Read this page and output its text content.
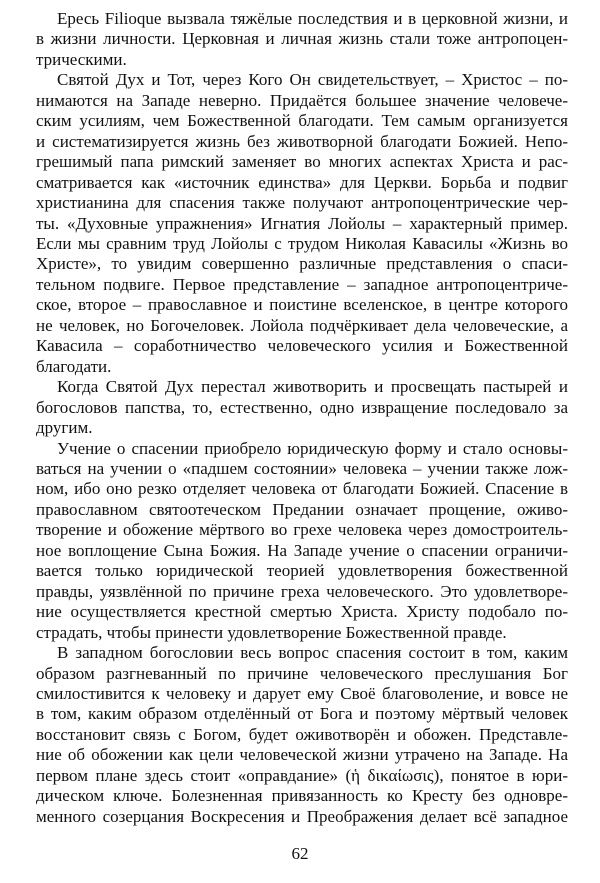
Ересь Filioque вызвала тяжёлые последствия и в церковной жизни, и
в жизни личности. Церковная и личная жизнь стали тоже антропоцен-
трическими.
Святой Дух и Тот, через Кого Он свидетельствует, – Христос – по-
нимаются на Западе неверно. Придаётся большее значение человече-
ским усилиям, чем Божественной благодати. Тем самым организуется
и систематизируется жизнь без животворной благодати Божией. Непо-
грешимый папа римский заменяет во многих аспектах Христа и рас-
сматривается как «источник единства» для Церкви. Борьба и подвиг
христианина для спасения также получают антропоцентрические чер-
ты. «Духовные упражнения» Игнатия Лойолы – характерный пример.
Если мы сравним труд Лойолы с трудом Николая Кавасилы «Жизнь во
Христе», то увидим совершенно различные представления о спаси-
тельном подвиге. Первое представление – западное антропоцентриче-
ское, второе – православное и поистине вселенское, в центре которого
не человек, но Богочеловек. Лойола подчёркивает дела человеческие, а
Кавасила – соработничество человеческого усилия и Божественной
благодати.
Когда Святой Дух перестал животворить и просвещать пастырей и
богословов папства, то, естественно, одно извращение последовало за
другим.
Учение о спасении приобрело юридическую форму и стало основы-
ваться на учении о «падшем состоянии» человека – учении также лож-
ном, ибо оно резко отделяет человека от благодати Божией. Спасение в
православном святоотеческом Предании означает прощение, оживо-
творение и обожение мёртвого во грехе человека через домостроитель-
ное воплощение Сына Божия. На Западе учение о спасении ограничи-
вается только юридической теорией удовлетворения божественной
правды, уязвлённой по причине греха человеческого. Это удовлетворе-
ние осуществляется крестной смертью Христа. Христу подобало по-
страдать, чтобы принести удовлетворение Божественной правде.
В западном богословии весь вопрос спасения состоит в том, каким
образом разгневанный по причине человеческого преслушания Бог
смилостивится к человеку и дарует ему Своё благоволение, и вовсе не
в том, каким образом отделённый от Бога и поэтому мёртвый человек
восстановит связь с Богом, будет оживотворён и обожен. Представле-
ние об обожении как цели человеческой жизни утрачено на Западе. На
первом плане здесь стоит «оправдание» (ἡ δικαίωσις), понятое в юри-
дическом ключе. Болезненная привязанность ко Кресту без одновре-
менного созерцания Воскресения и Преображения делает всё западное
62
